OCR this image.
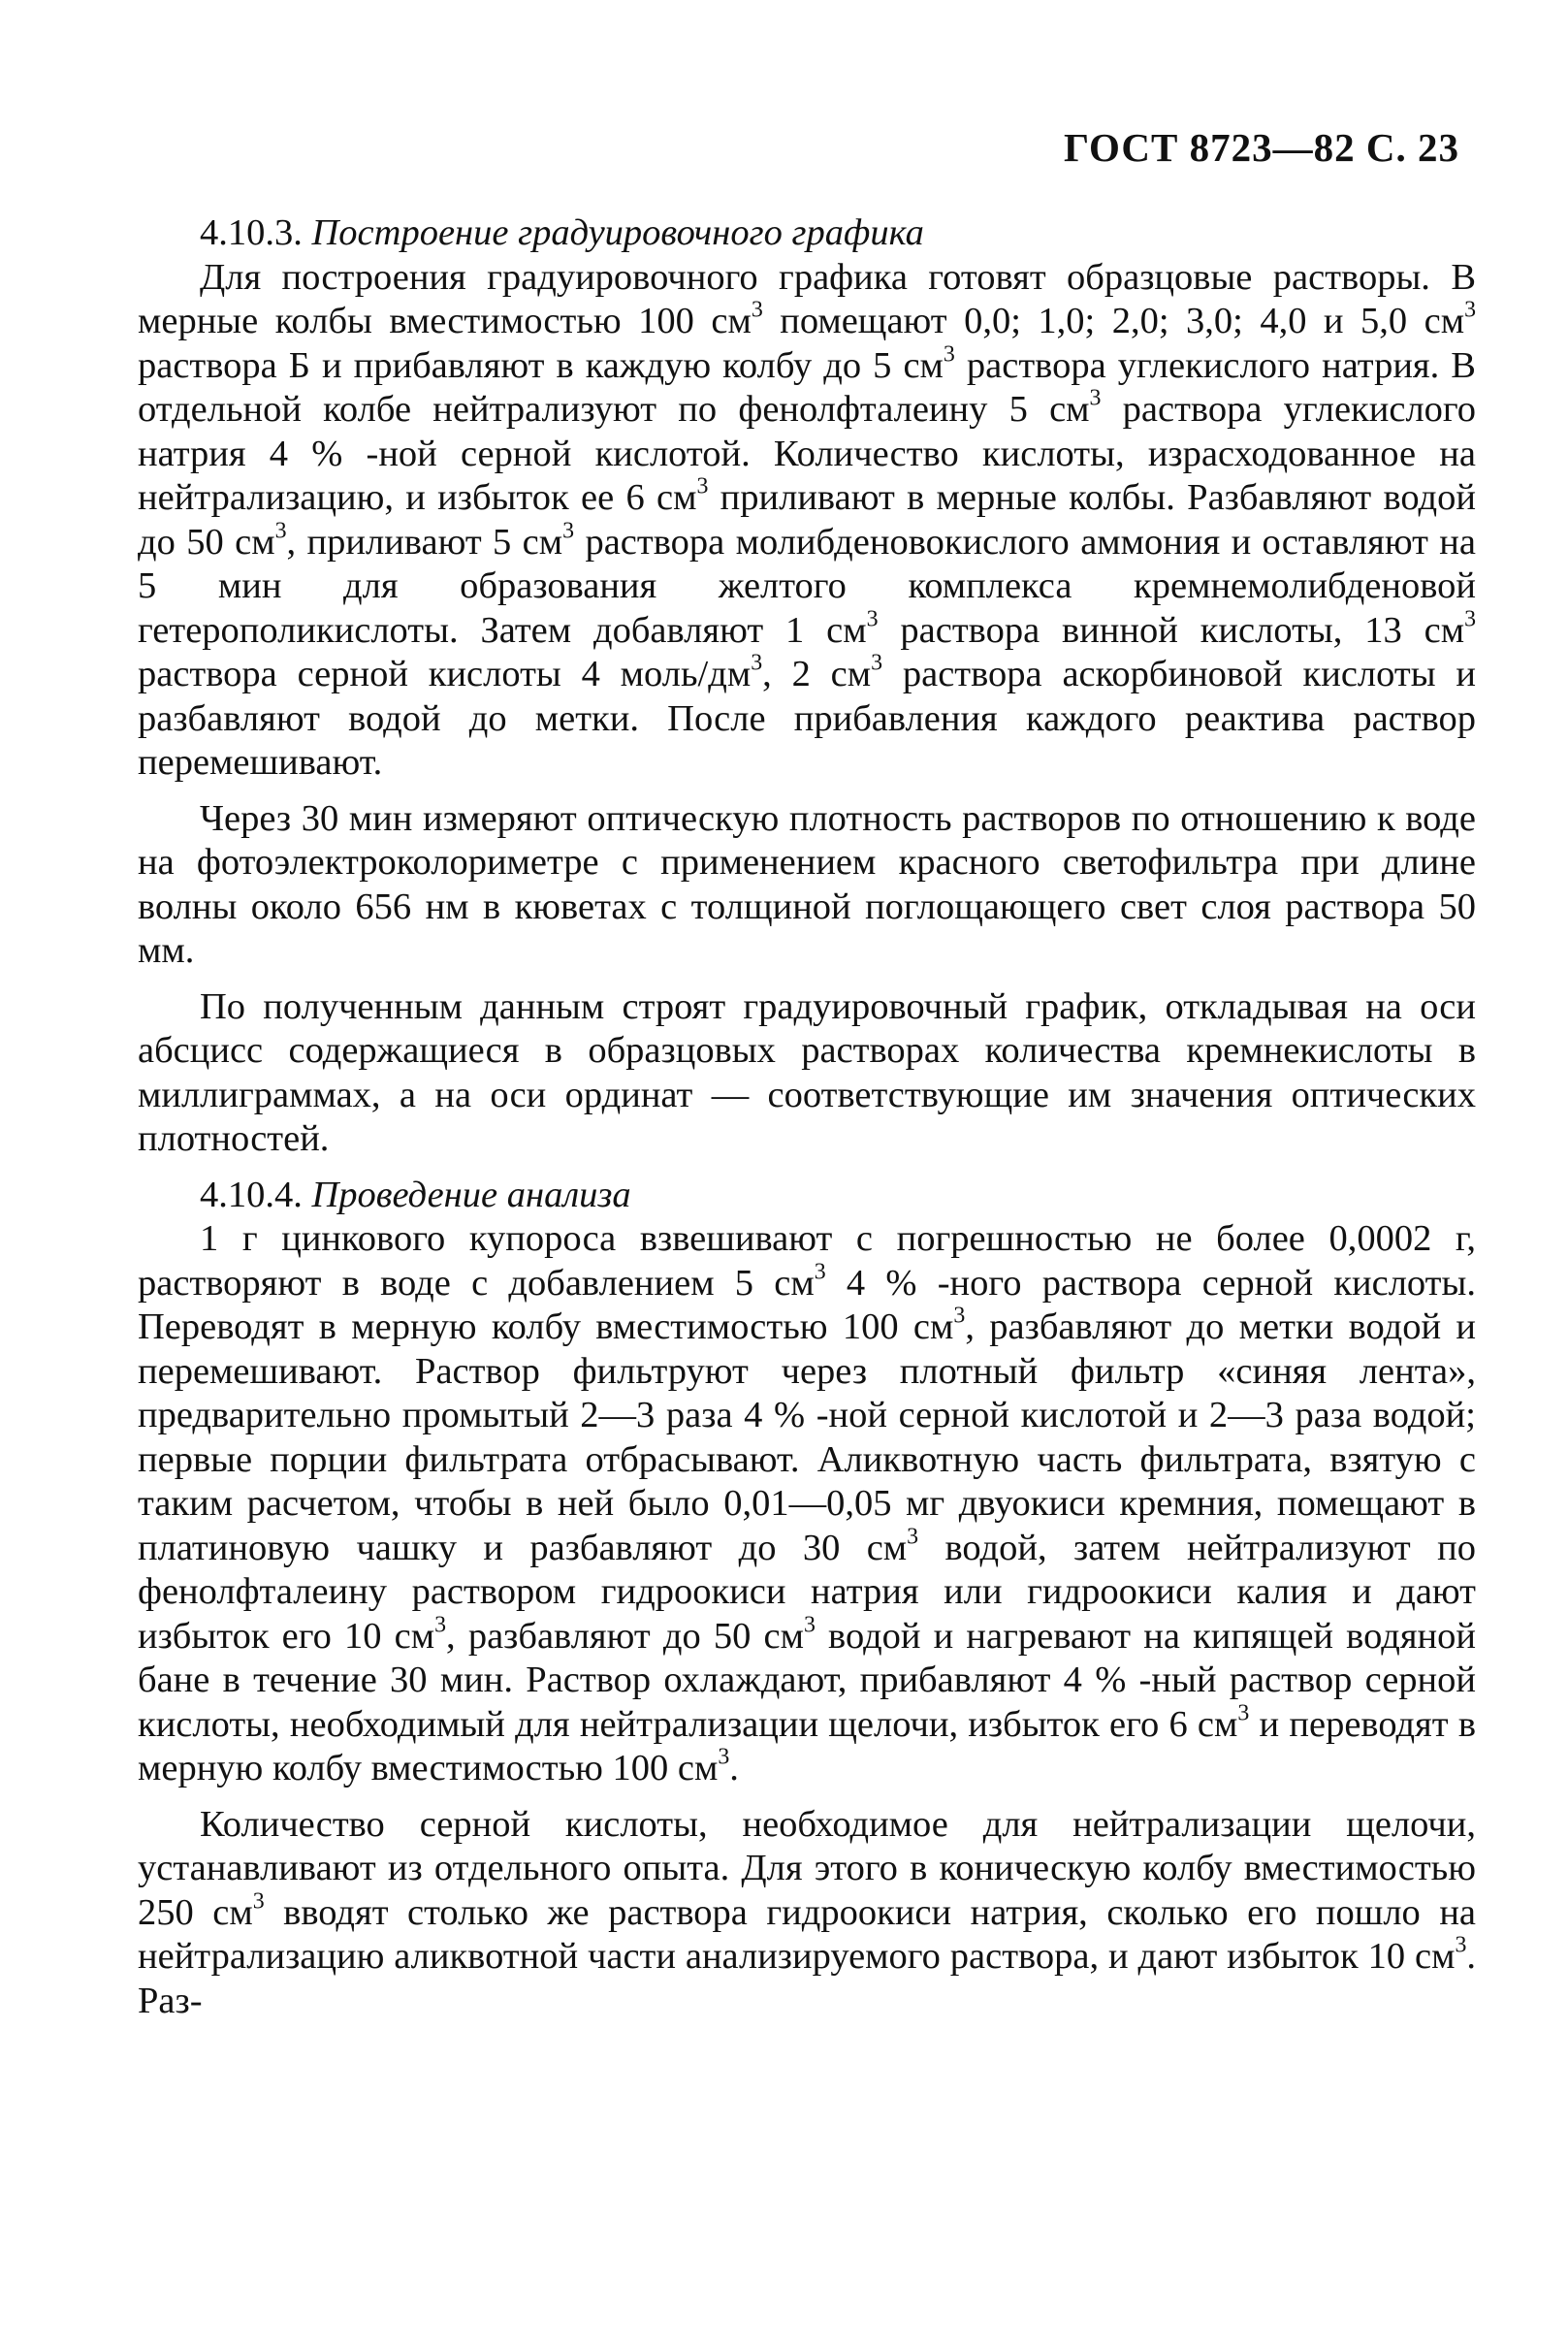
ГОСТ 8723—82 С. 23
4.10.3. Построение градуировочного графика

Для построения градуировочного графика готовят образцовые растворы. В мерные колбы вместимостью 100 $см^3$ помещают 0,0; 1,0; 2,0; 3,0; 4,0 и 5,0 $см^3$ раствора Б и прибавляют в каждую колбу до 5 $см^3$ раствора углекислого натрия. В отдельной колбе нейтрализуют по фенолфталеину 5 $см^3$ раствора углекислого натрия 4 % -ной серной кислотой. Количество кислоты, израсходованное на нейтрализацию, и избыток ее 6 $см^3$ приливают в мерные колбы. Разбавляют водой до 50 $см^3$, приливают 5 $см^3$ раствора молибденовокислого аммония и оставляют на 5 мин для образования желтого комплекса кремнемолибденовой гетерополикислоты. Затем добавляют 1 $см^3$ раствора винной кислоты, 13 $см^3$ раствора серной кислоты 4 моль/$дм^3$, 2 $см^3$ раствора аскорбиновой кислоты и разбавляют водой до метки. После прибавления каждого реактива раствор перемешивают.

Через 30 мин измеряют оптическую плотность растворов по отношению к воде на фотоэлектроколориметре с применением красного светофильтра при длине волны около 656 нм в кюветах с толщиной поглощающего свет слоя раствора 50 мм.

По полученным данным строят градуировочный график, откладывая на оси абсцисс содержащиеся в образцовых растворах количества кремнекислоты в миллиграммах, а на оси ординат — соответствующие им значения оптических плотностей.

4.10.4. Проведение анализа

1 г цинкового купороса взвешивают с погрешностью не более 0,0002 г, растворяют в воде с добавлением 5 $см^3$ 4 % -ного раствора серной кислоты. Переводят в мерную колбу вместимостью 100 $см^3$, разбавляют до метки водой и перемешивают. Раствор фильтруют через плотный фильтр «синяя лента», предварительно промытый 2—3 раза 4 % -ной серной кислотой и 2—3 раза водой; первые порции фильтрата отбрасывают. Аликвотную часть фильтрата, взятую с таким расчетом, чтобы в ней было 0,01—0,05 мг двуокиси кремния, помещают в платиновую чашку и разбавляют до 30 $см^3$ водой, затем нейтрализуют по фенолфталеину раствором гидроокиси натрия или гидроокиси калия и дают избыток его 10 $см^3$, разбавляют до 50 $см^3$ водой и нагревают на кипящей водяной бане в течение 30 мин. Раствор охлаждают, прибавляют 4 % -ный раствор серной кислоты, необходимый для нейтрализации щелочи, избыток его 6 $см^3$ и переводят в мерную колбу вместимостью 100 $см^3$.

Количество серной кислоты, необходимое для нейтрализации щелочи, устанавливают из отдельного опыта. Для этого в коническую колбу вместимостью 250 $см^3$ вводят столько же раствора гидроокиси натрия, сколько его пошло на нейтрализацию аликвотной части анализируемого раствора, и дают избыток 10 $см^3$. Раз-
